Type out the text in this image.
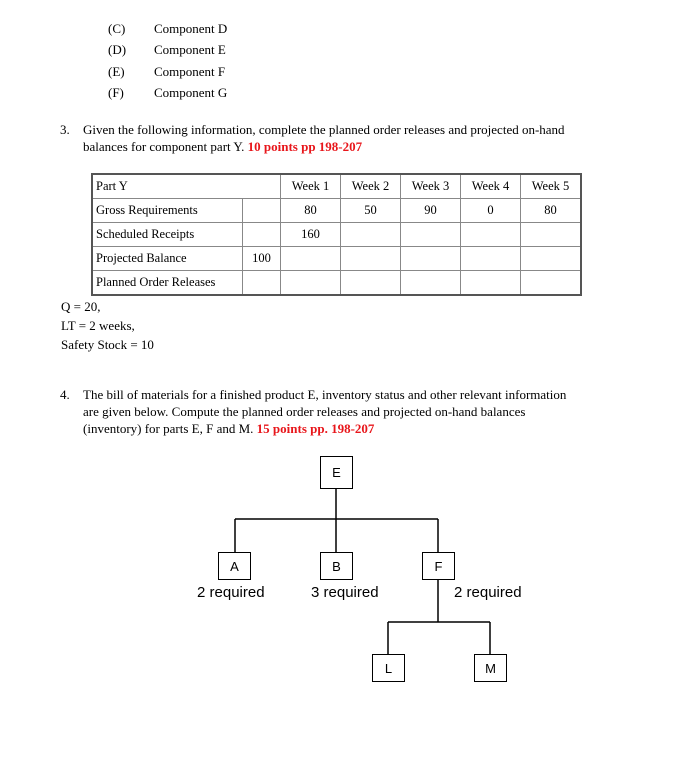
(C) Component D
(D) Component E
(E) Component F
(F) Component G
3. Given the following information, complete the planned order releases and projected on-hand
balances for component part Y. 10 points pp 198-207
Part Y		Week 1	Week 2	Week 3	Week 4	Week 5
Gross Requirements		80	50	90	0	80
Scheduled Receipts		160				
Projected Balance	100					
Planned Order Releases						
Q = 20,
LT = 2 weeks,
Safety Stock = 10
4. The bill of materials for a finished product E, inventory status and other relevant information
are given below. Compute the planned order releases and projected on-hand balances
(inventory) for parts E, F and M. 15 points pp. 198-207
E
A	B	F
2 required	3 required	2 required
L	M
